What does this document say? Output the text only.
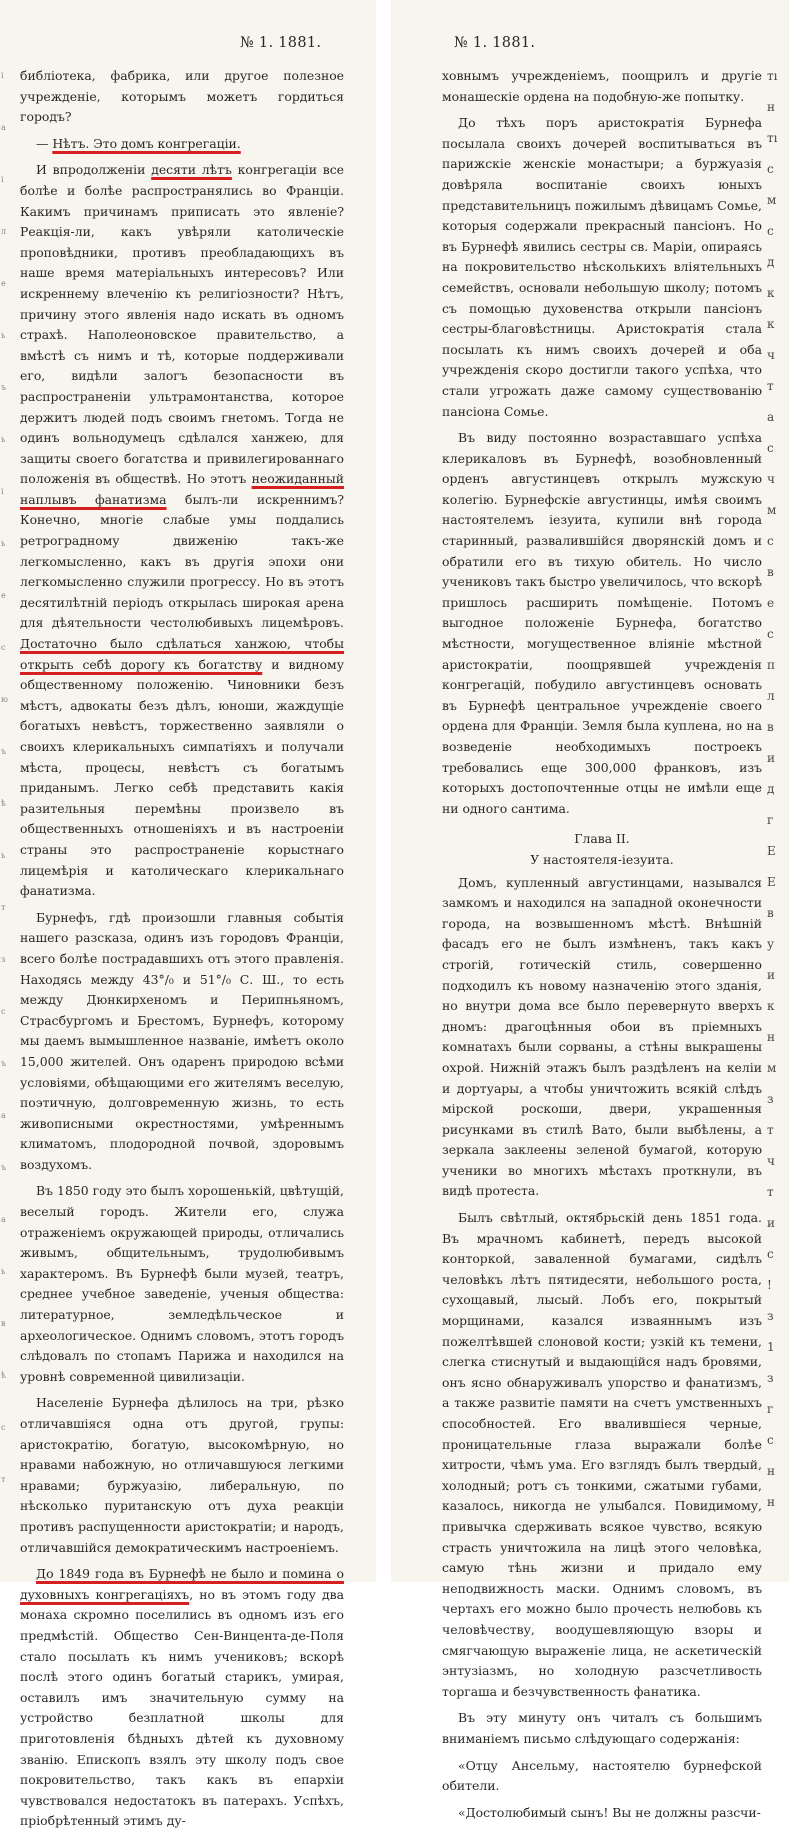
№ 1. 1881.
і
а
і
л
е
ь
ъ
ь
і
ь
е
с
ю
ъ
ѣ
ь
т
з
с
ъ
а
ъ
а
ь
в
ѣ
с
т

библіотека, фабрика, или другое полезное учрежденіе, которымъ можетъ гордиться городъ?

— Нѣтъ. Это домъ конгрегаціи.

И впродолженіи десяти лѣтъ конгрегаціи все болѣе и болѣе распространялись во Франціи. Какимъ причинамъ приписать это явленіе? Реакція-ли, какъ увѣряли католическіе проповѣдники, противъ преобладающихъ въ наше время матеріальныхъ интересовъ? Или искреннему влеченію къ религіозности? Нѣтъ, причину этого явленія надо искать въ одномъ страхѣ. Наполеоновское правительство, а вмѣстѣ съ нимъ и тѣ, которые поддерживали его, видѣли залогъ безопасности въ распространеніи ультрамонтанства, которое держитъ людей подъ своимъ гнетомъ. Тогда не одинъ вольнодумецъ сдѣлался ханжею, для защиты своего богатства и привилегированнаго положенія въ обществѣ. Но этотъ неожиданный наплывъ фанатизма былъ-ли искреннимъ? Конечно, многіе слабые умы поддались ретроградному движенію такъ-же легкомысленно, какъ въ другія эпохи они легкомысленно служили прогрессу. Но въ этотъ десятилѣтній періодъ открылась широкая арена для дѣятельности честолюбивыхъ лицемѣровъ. Достаточно было сдѣлаться ханжою, чтобы открыть себѣ дорогу къ богатству и видному общественному положенію. Чиновники безъ мѣстъ, адвокаты безъ дѣлъ, юноши, жаждущіе богатыхъ невѣстъ, торжественно заявляли о своихъ клерикальныхъ симпатіяхъ и получали мѣста, процесы, невѣстъ съ богатымъ приданымъ. Легко себѣ представить какія разительныя перемѣны произвело въ общественныхъ отношеніяхъ и въ настроеніи страны это распространеніе корыстнаго лицемѣрія и католическаго клерикальнаго фанатизма.

Бурнефъ, гдѣ произошли главныя событія нашего разсказа, одинъ изъ городовъ Франціи, всего болѣе пострадавшихъ отъ этого правленія. Находясь между 43°/₀ и 51°/₀ С. Ш., то есть между Дюнкирхеномъ и Перипньяномъ, Страсбургомъ и Брестомъ, Бурнефъ, которому мы даемъ вымышленное названіе, имѣетъ около 15,000 жителей. Онъ одаренъ природою всѣми условіями, обѣщающими его жителямъ веселую, поэтичную, долговременную жизнь, то есть живописными окрестностями, умѣреннымъ климатомъ, плодородной почвой, здоровымъ воздухомъ.

Въ 1850 году это былъ хорошенькій, цвѣтущій, веселый городъ. Жители его, служа отраженіемъ окружающей природы, отличались живымъ, общительнымъ, трудолюбивымъ характеромъ. Въ Бурнефѣ были музей, театръ, среднее учебное заведеніе, ученыя общества: литературное, земледѣльческое и археологическое. Однимъ словомъ, этотъ городъ слѣдовалъ по стопамъ Парижа и находился на уровнѣ современной цивилизаціи.

Населеніе Бурнефа дѣлилось на три, рѣзко отличавшіяся одна отъ другой, групы: аристократію, богатую, высокомѣрную, но нравами набожную, но отличавшуюся легкими нравами; буржуазію, либеральную, по нѣсколько пуританскую отъ духа реакціи противъ распущенности аристократіи; и народъ, отличавшійся демократическимъ настроеніемъ.

До 1849 года въ Бурнефѣ не было и помина о духовныхъ конгрегаціяхъ, но въ этомъ году два монаха скромно поселились въ одномъ изъ его предмѣстій. Общество Сен-Винцента-де-Поля стало посылать къ нимъ учениковъ; вскорѣ послѣ этого одинъ богатый старикъ, умирая, оставилъ имъ значительную сумму на устройство безплатной школы для приготовленія бѣдныхъ дѣтей къ духовному званію. Епископъ взялъ эту школу подъ свое покровительство, такъ какъ въ епархіи чувствовался недостатокъ въ патерахъ. Успѣхъ, пріобрѣтенный этимъ ду-

№ 1. 1881.

ховнымъ учрежденіемъ, поощрилъ и другіе монашескіе ордена на подобную-же попытку.

До тѣхъ поръ аристократія Бурнефа посылала своихъ дочерей воспитываться въ парижскіе женскіе монастыри; а буржуазія довѣряла воспитаніе своихъ юныхъ представительницъ пожилымъ дѣвицамъ Сомье, которыя содержали прекрасный пансіонъ. Но въ Бурнефѣ явились сестры св. Маріи, опираясь на покровительство нѣсколькихъ вліятельныхъ семействъ, основали небольшую школу; потомъ съ помощью духовенства открыли пансіонъ сестры-благовѣстницы. Аристократія стала посылать къ нимъ своихъ дочерей и оба учрежденія скоро достигли такого успѣха, что стали угрожать даже самому существованію пансіона Сомье.

Въ виду постоянно возраставшаго успѣха клерикаловъ въ Бурнефѣ, возобновленный орденъ августинцевъ открылъ мужскую колегію. Бурнефскіе августинцы, имѣя своимъ настоятелемъ іезуита, купили внѣ города старинный, развалившійся дворянскій домъ и обратили его въ тихую обитель. Но число учениковъ такъ быстро увеличилось, что вскорѣ пришлось расширить помѣщеніе. Потомъ выгодное положеніе Бурнефа, богатство мѣстности, могущественное вліяніе мѣстной аристократіи, поощрявшей учрежденія конгрегацій, побудило августинцевъ основать въ Бурнефѣ центральное учрежденіе своего ордена для Франціи. Земля была куплена, но на возведеніе необходимыхъ построекъ требовались еще 300,000 франковъ, изъ которыхъ достопочтенные отцы не имѣли еще ни одного сантима.

Глава II.

У настоятеля-іезуита.

Домъ, купленный августинцами, назывался замкомъ и находился на западной оконечности города, на возвышенномъ мѣстѣ. Внѣшній фасадъ его не былъ измѣненъ, такъ какъ строгій, готическій стиль, совершенно подходилъ къ новому назначенію этого зданія, но внутри дома все было перевернуто вверхъ дномъ: драгоцѣнныя обои въ пріемныхъ комнатахъ были сорваны, а стѣны выкрашены охрой. Нижній этажъ былъ раздѣленъ на келіи и дортуары, а чтобы уничтожить всякій слѣдъ мірской роскоши, двери, украшенныя рисунками въ стилѣ Вато, были выбѣлены, а зеркала заклеены зеленой бумагой, которую ученики во многихъ мѣстахъ проткнули, въ видѣ протеста.

Былъ свѣтлый, октябрьскій день 1851 года. Въ мрачномъ кабинетѣ, передъ высокой конторкой, заваленной бумагами, сидѣлъ человѣкъ лѣтъ пятидесяти, небольшого роста, сухощавый, лысый. Лобъ его, покрытый морщинами, казался изваяннымъ изъ пожелтѣвшей слоновой кости; узкій къ темени, слегка стиснутый и выдающійся надъ бровями, онъ ясно обнаруживалъ упорство и фанатизмъ, а также развитіе памяти на счетъ умственныхъ способностей. Его ввалившіеся черные, проницательные глаза выражали болѣе хитрости, чѣмъ ума. Его взглядъ былъ твердый, холодный; ротъ съ тонкими, сжатыми губами, казалось, никогда не улыбался. Повидимому, привычка сдерживать всякое чувство, всякую страсть уничтожила на лицѣ этого человѣка, самую тѣнь жизни и придало ему неподвижность маски. Однимъ словомъ, въ чертахъ его можно было прочесть нелюбовь къ человѣчеству, воодушевляющую взоры и смягчающую выраженіе лица, не аскетическій энтузіазмъ, но холодную разсчетливость торгаша и безчувственность фанатика.

Въ эту минуту онъ читалъ съ большимъ вниманіемъ письмо слѣдующаго содержанія:

«Отцу Ансельму, настоятелю бурнефской обители.

«Достолюбимый сынъ! Вы не должны разсчи-

тı
н
тı
с
м
с
д
к
к
ч
т
а
с
ч
м
с
в
е
с
п
л
в
и
д
г
Е
Е
в
у
и
к
н
м
з
т
ч
т
и
с
!
з
1
з
г
с
н
н
